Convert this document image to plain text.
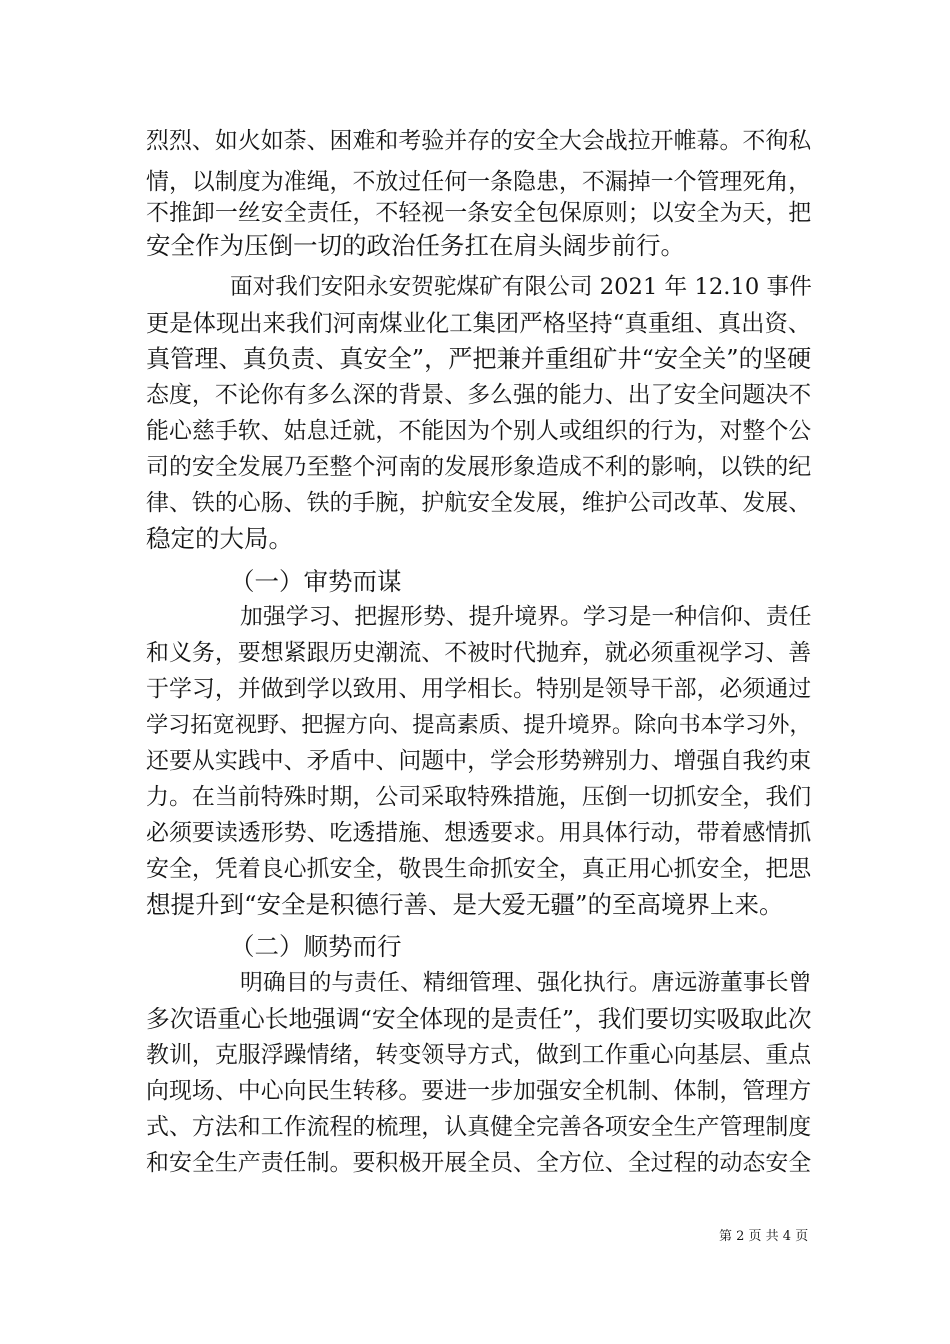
烈烈、如火如荼、困难和考验并存的安全大会战拉开帷幕。不徇私
情，以制度为准绳，不放过任何一条隐患，不漏掉一个管理死角，
不推卸一丝安全责任，不轻视一条安全包保原则；以安全为天，把
安全作为压倒一切的政治任务扛在肩头阔步前行。
面对我们安阳永安贺驼煤矿有限公司 2021 年 12.10 事件
更是体现出来我们河南煤业化工集团严格坚持“真重组、真出资、
真管理、真负责、真安全”，严把兼并重组矿井“安全关”的坚硬
态度，不论你有多么深的背景、多么强的能力、出了安全问题决不
能心慈手软、姑息迁就，不能因为个别人或组织的行为，对整个公
司的安全发展乃至整个河南的发展形象造成不利的影响，以铁的纪
律、铁的心肠、铁的手腕，护航安全发展，维护公司改革、发展、
稳定的大局。
（一）审势而谋
加强学习、把握形势、提升境界。学习是一种信仰、责任
和义务，要想紧跟历史潮流、不被时代抛弃，就必须重视学习、善
于学习，并做到学以致用、用学相长。特别是领导干部，必须通过
学习拓宽视野、把握方向、提高素质、提升境界。除向书本学习外，
还要从实践中、矛盾中、问题中，学会形势辨别力、增强自我约束
力。在当前特殊时期，公司采取特殊措施，压倒一切抓安全，我们
必须要读透形势、吃透措施、想透要求。用具体行动，带着感情抓
安全，凭着良心抓安全，敬畏生命抓安全，真正用心抓安全，把思
想提升到“安全是积德行善、是大爱无疆”的至高境界上来。
（二）顺势而行
明确目的与责任、精细管理、强化执行。唐远游董事长曾
多次语重心长地强调“安全体现的是责任”，我们要切实吸取此次
教训，克服浮躁情绪，转变领导方式，做到工作重心向基层、重点
向现场、中心向民生转移。要进一步加强安全机制、体制，管理方
式、方法和工作流程的梳理，认真健全完善各项安全生产管理制度
和安全生产责任制。要积极开展全员、全方位、全过程的动态安全
第 2 页 共 4 页
